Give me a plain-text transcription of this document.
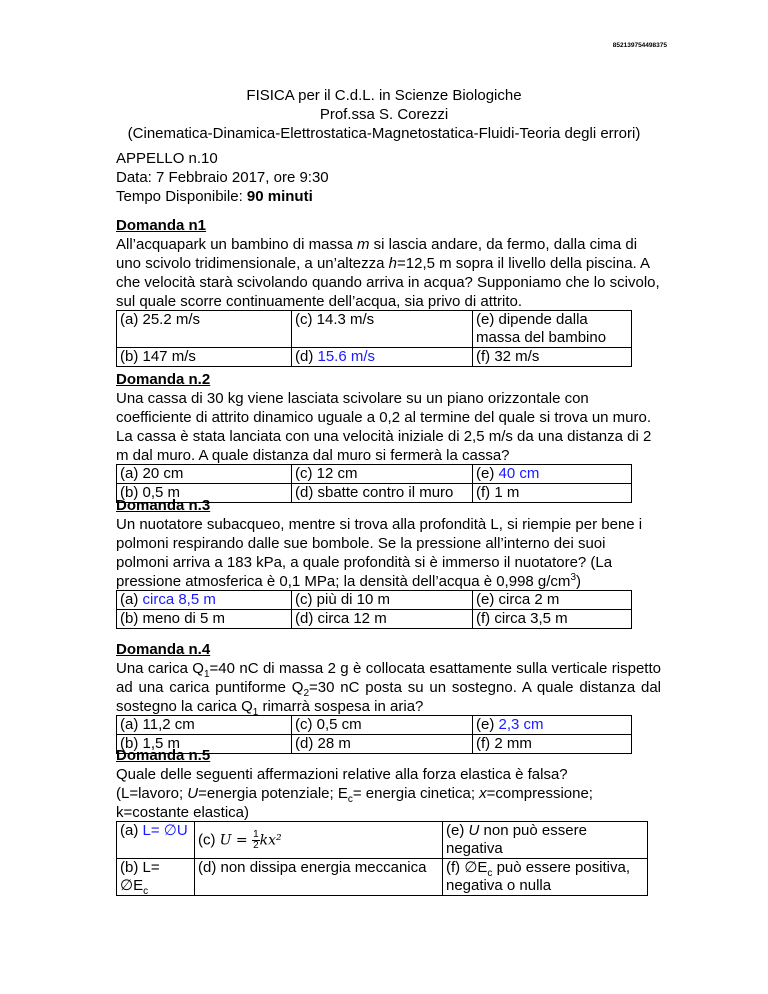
852139754498375
FISICA per il C.d.L. in Scienze Biologiche
Prof.ssa S. Corezzi
(Cinematica-Dinamica-Elettrostatica-Magnetostatica-Fluidi-Teoria degli errori)
APPELLO n.10
Data: 7 Febbraio 2017, ore 9:30
Tempo Disponibile: 90 minuti
Domanda n1

All’acquapark un bambino di massa m si lascia andare, da fermo, dalla cima di uno scivolo tridimensionale, a un’altezza h=12,5 m sopra il livello della piscina. A che velocità starà scivolando quando arriva in acqua? Supponiamo che lo scivolo, sul quale scorre continuamente dell’acqua, sia privo di attrito.

(a) 25.2 m/s	(c) 14.3 m/s	(e) dipende dalla massa del bambino
(b) 147 m/s	(d) 15.6 m/s	(f) 32 m/s
Domanda n.2

Una cassa di 30 kg viene lasciata scivolare su un piano orizzontale con coefficiente di attrito dinamico uguale a 0,2 al termine del quale si trova un muro. La cassa è stata lanciata con una velocità iniziale di 2,5 m/s da una distanza di 2 m dal muro. A quale distanza dal muro si fermerà la cassa?

(a) 20 cm	(c) 12 cm	(e) 40 cm
(b) 0,5 m	(d) sbatte contro il muro	(f) 1 m
Domanda n.3

Un nuotatore subacqueo, mentre si trova alla profondità L, si riempie per bene i polmoni respirando dalle sue bombole. Se la pressione all’interno dei suoi polmoni arriva a 183 kPa, a quale profondità si è immerso il nuotatore? (La pressione atmosferica è 0,1 MPa; la densità dell’acqua è 0,998 $g/cm^3$)

(a) circa 8,5 m	(c) più di 10 m	(e) circa 2 m
(b) meno di 5 m	(d) circa 12 m	(f) circa 3,5 m
Domanda n.4

Una carica $Q_1=40$ nC di massa 2 g è collocata esattamente sulla verticale rispetto ad una carica puntiforme $Q_2=30$ nC posta su un sostegno. A quale distanza dal sostegno la carica $Q_1$ rimarrà sospesa in aria?

(a) 11,2 cm	(c) 0,5 cm	(e) 2,3 cm
(b) 1,5 m	(d) 28 m	(f) 2 mm
Domanda n.5

Quale delle seguenti affermazioni relative alla forza elastica è falsa?

(L=lavoro; U=energia potenziale; $E_c=$ energia cinetica; x=compressione;

k=costante elastica)

(a) L= ∅U	(c) $U = \frac{1}{2} kx^2$	(e) U non può essere negativa
(b) $L= \emptyset E_c$	(d) non dissipa energia meccanica	(f) $\emptyset E_c$ può essere positiva, negativa o nulla
